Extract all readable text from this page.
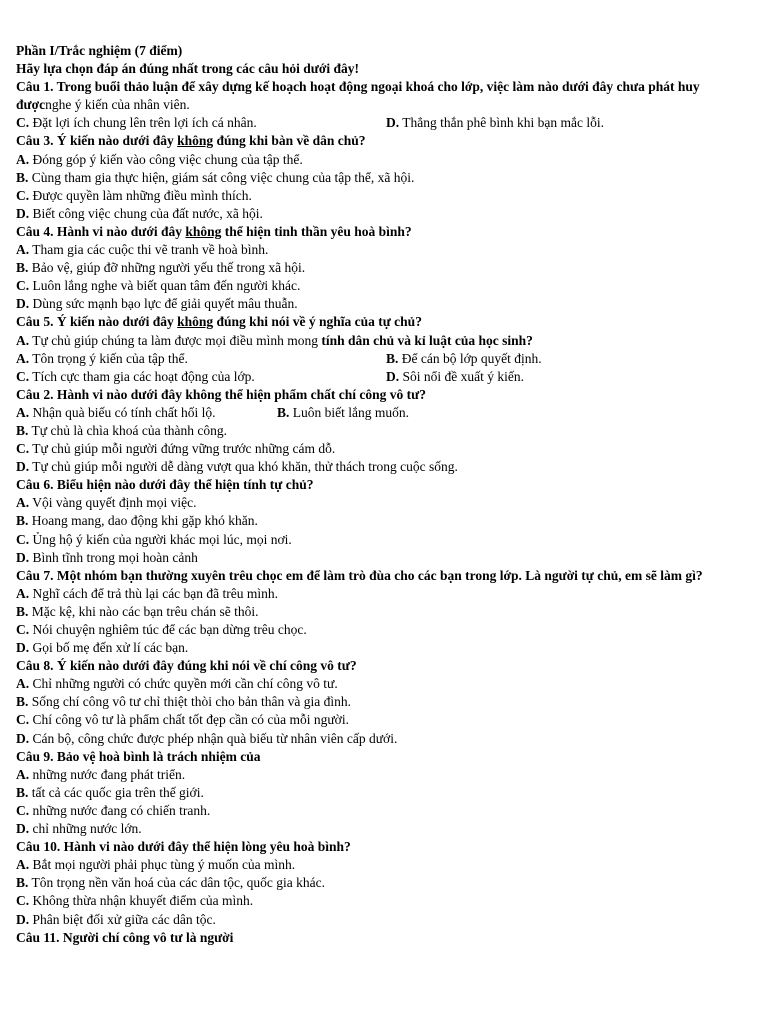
Phần I/Trắc nghiệm (7 điểm)
Hãy lựa chọn đáp án đúng nhất trong các câu hỏi dưới đây!
Câu 1. Trong buổi thảo luận để xây dựng kế hoạch hoạt động ngoại khoá cho lớp, việc làm nào dưới đây chưa phát huy đượcnghe ý kiến của nhân viên.
C. Đặt lợi ích chung lên trên lợi ích cá nhân.	D. Thẳng thắn phê bình khi bạn mắc lỗi.
Câu 3. Ý kiến nào dưới đây không đúng khi bàn về dân chủ?
A. Đóng góp ý kiến vào công việc chung của tập thể.
B. Cùng tham gia thực hiện, giám sát công việc chung của tập thể, xã hội.
C. Được quyền làm những điều mình thích.
D. Biết công việc chung của đất nước, xã hội.
Câu 4. Hành vi nào dưới đây không thể hiện tinh thần yêu hoà bình?
A. Tham gia các cuộc thi vẽ tranh về hoà bình.
B. Bảo vệ, giúp đỡ những người yếu thế trong xã hội.
C. Luôn lắng nghe và biết quan tâm đến người khác.
D. Dùng sức mạnh bạo lực để giải quyết mâu thuẫn.
Câu 5. Ý kiến nào dưới đây không đúng khi nói về ý nghĩa của tự chủ?
A. Tự chủ giúp chúng ta làm được mọi điều mình mong tính dân chủ và kỉ luật của học sinh?
A. Tôn trọng ý kiến của tập thể.	B. Để cán bộ lớp quyết định.
C. Tích cực tham gia các hoạt động của lớp.	D. Sôi nổi đề xuất ý kiến.
Câu 2. Hành vi nào dưới đây không thể hiện phẩm chất chí công vô tư?
A. Nhận quà biếu có tính chất hối lộ.	B. Luôn biết lắng muốn.
B. Tự chủ là chìa khoá của thành công.
C. Tự chủ giúp mỗi người đứng vững trước những cám dỗ.
D. Tự chủ giúp mỗi người dễ dàng vượt qua khó khăn, thử thách trong cuộc sống.
Câu 6. Biểu hiện nào dưới đây thể hiện tính tự chủ?
A. Vội vàng quyết định mọi việc.
B. Hoang mang, dao động khi gặp khó khăn.
C. Ủng hộ ý kiến của người khác mọi lúc, mọi nơi.
D. Bình tĩnh trong mọi hoàn cảnh
Câu 7. Một nhóm bạn thường xuyên trêu chọc em để làm trò đùa cho các bạn trong lớp. Là người tự chủ, em sẽ làm gì?
A. Nghĩ cách để trả thù lại các bạn đã trêu mình.
B. Mặc kệ, khi nào các bạn trêu chán sẽ thôi.
C. Nói chuyện nghiêm túc để các bạn dừng trêu chọc.
D. Gọi bố mẹ đến xử lí các bạn.
Câu 8. Ý kiến nào dưới đây đúng khi nói về chí công vô tư?
A. Chỉ những người có chức quyền mới cần chí công vô tư.
B. Sống chí công vô tư chỉ thiệt thòi cho bản thân và gia đình.
C. Chí công vô tư là phẩm chất tốt đẹp cần có của mỗi người.
D. Cán bộ, công chức được phép nhận quà biếu từ nhân viên cấp dưới.
Câu 9. Bảo vệ hoà bình là trách nhiệm của
A. những nước đang phát triển.
B. tất cả các quốc gia trên thế giới.
C. những nước đang có chiến tranh.
D. chỉ những nước lớn.
Câu 10. Hành vi nào dưới đây thể hiện lòng yêu hoà bình?
A. Bắt mọi người phải phục tùng ý muốn của mình.
B. Tôn trọng nền văn hoá của các dân tộc, quốc gia khác.
C. Không thừa nhận khuyết điểm của mình.
D. Phân biệt đối xử giữa các dân tộc.
Câu 11. Người chí công vô tư là người
